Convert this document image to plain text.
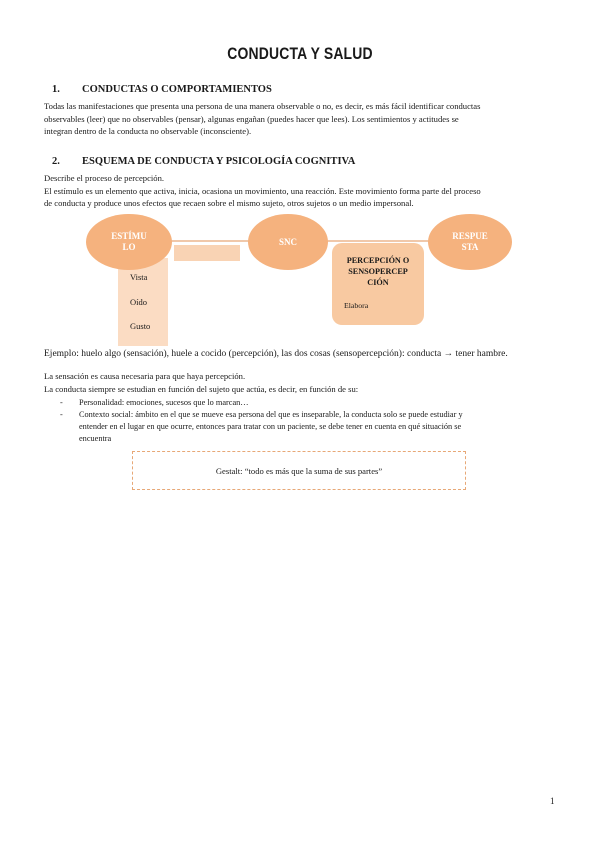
CONDUCTA Y SALUD
1. CONDUCTAS O COMPORTAMIENTOS
Todas las manifestaciones que presenta una persona de una manera observable o no, es decir, es más fácil identificar conductas
observables (leer) que no observables (pensar), algunas engañan (puedes hacer que lees). Los sentimientos y actitudes se
integran dentro de la conducta no observable (inconsciente).
2. ESQUEMA DE CONDUCTA Y PSICOLOGÍA COGNITIVA
Describe el proceso de percepción.
El estímulo es un elemento que activa, inicia, ocasiona un movimiento, una reacción. Este movimiento forma parte del proceso
de conducta y produce unos efectos que recaen sobre el mismo sujeto, otros sujetos o un medio impersonal.
Vista
Oído
Gusto
PERCEPCIÓN O SENSOPERCEP CIÓN
Elabora
ESTÍMU LO
SNC
RESPUE STA
Ejemplo: huelo algo (sensación), huele a cocido (percepción), las dos cosas (sensopercepción): conducta → tener hambre.
La sensación es causa necesaria para que haya percepción.
La conducta siempre se estudian en función del sujeto que actúa, es decir, en función de su:
- Personalidad: emociones, sucesos que lo marcan…
- Contexto social: ámbito en el que se mueve esa persona del que es inseparable, la conducta solo se puede estudiar y
entender en el lugar en que ocurre, entonces para tratar con un paciente, se debe tener en cuenta en qué situación se
encuentra
Gestalt: “todo es más que la suma de sus partes”
1
